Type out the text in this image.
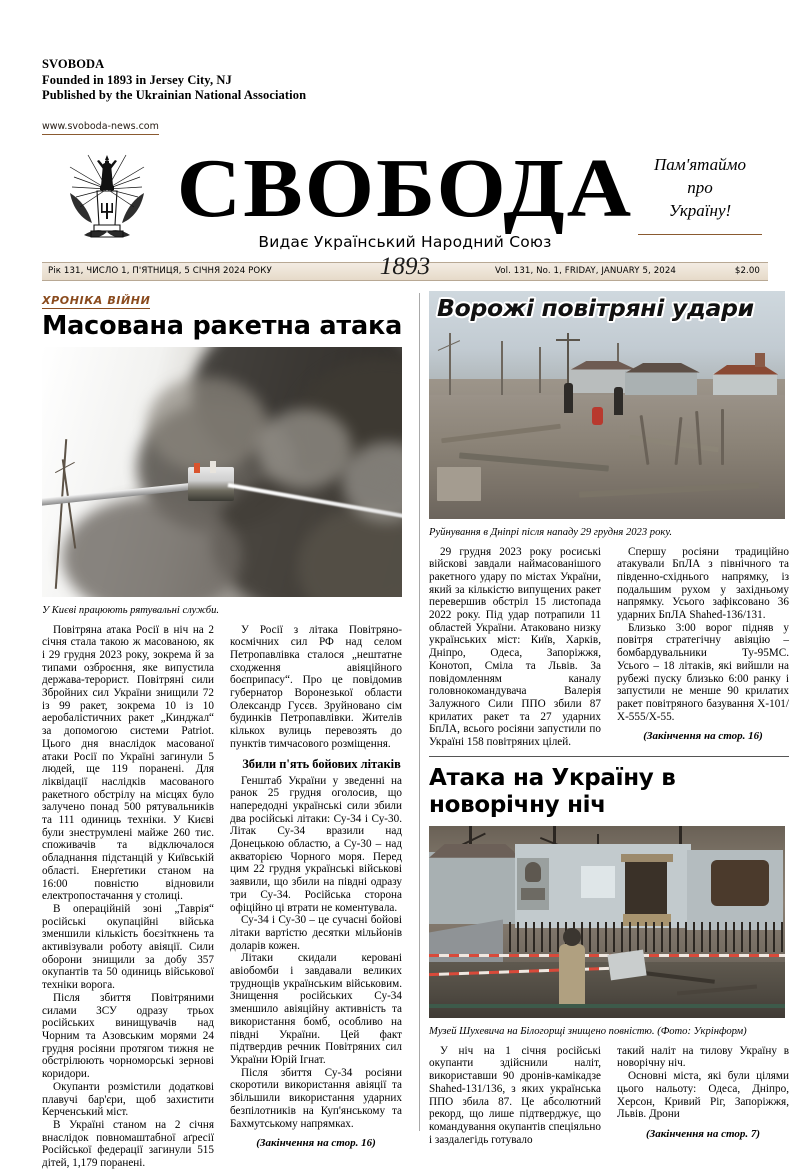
SVOBODA
Founded in 1893 in Jersey City, NJ
Published by the Ukrainian National Association
www.svoboda-news.com
СВОБОДА
Видає Український Народний Союз
Пам'ятаймо
про
Україну!
Рік 131, ЧИСЛО 1, П'ЯТНИЦЯ, 5 СІЧНЯ 2024 РОКУ	Vol. 131, No. 1, FRIDAY, JANUARY 5, 2024	$2.00
1893
ХРОНІКА ВІЙНИ
Масована ракетна атака
У Києві працюють рятувальні служби.

Повітряна атака Росії в ніч на 2 січня стала такою ж масованою, як і 29 грудня 2023 року, зокрема й за типами озброєння, яке випустила держава-терорист. Повітряні сили Збройних сил України знищили 72 із 99 ракет, зокрема 10 із 10 аеробалістичних ракет „Кинджал“ за допомогою системи Patriot. Цього дня внаслідок масованої атаки Росії по Україні загинули 5 людей, ще 119 поранені. Для ліквідації наслідків масованого ракетного обстрілу на місцях було залучено понад 500 рятувальників та 111 одиниць техніки. У Києві були знеструмлені майже 260 тис. споживачів та відключалося обладнання підстанцій у Київській області. Енерґетики станом на 16:00 повністю відновили електропостачання у столиці.

В операційній зоні „Таврія“ російські окупаційні війська зменшили кількість боєзіткнень та активізували роботу авіяції. Сили оборони знищили за добу 357 окупантів та 50 одиниць військової техніки ворога.

Після збиття Повітряними силами ЗСУ одразу трьох російських винищувачів над Чорним та Азовським морями 24 грудня росіяни протягом тижня не обстрілюють чорноморські зернові коридори.

Окупанти розмістили додаткові плавучі бар'єри, щоб захистити Керченський міст.

В Україні станом на 2 січня внаслідок повномаштабної аґресії Російської федерації загинули 515 дітей, 1,179 поранені.

У Росії з літака Повітряно-космічних сил РФ над селом Петропавлівка сталося „нештатне сходження авіяційного боєприпасу“. Про це повідомив губернатор Воронезької области Олександр Гусєв. Зруйновано сім будинків Петропавлівки. Жителів кількох вулиць перевозять до пунктів тимчасового розміщення.

Збили п'ять бойових літаків

Генштаб України у зведенні на ранок 25 грудня оголосив, що напередодні українські сили збили два російські літаки: Су-34 і Су-30. Літак Су-34 вразили над Донецькою областю, а Су-30 – над акваторією Чорного моря. Перед цим 22 грудня українські військові заявили, що збили на півдні одразу три Су-34. Російська сторона офіційно ці втрати не коментувала.

Су-34 і Су-30 – це сучасні бойові літаки вартістю десятки мільйонів доларів кожен.

Літаки скидали керовані авіобомби і завдавали великих труднощів українським військовим. Знищення російських Су-34 зменшило авіяційну активність та використання бомб, особливо на півдні України. Цей факт підтвердив речник Повітряних сил України Юрій Ігнат.

Після збиття Су-34 росіяни скоротили використання авіяції та збільшили використання ударних безпілотників на Куп'янському та Бахмутському напрямках.

(Закінчення на стор. 16)

Ворожі повітряні удари
Руйнування в Дніпрі після нападу 29 грудня 2023 року.

29 грудня 2023 року росиські війскові завдали наймасованішого ракетного удару по містах України, який за кількістю випущених ракет перевершив обстріл 15 листопада 2022 року. Під удар потрапили 11 областей України. Атаковано низку українських міст: Київ, Харків, Дніпро, Одеса, Запоріжжя, Конотоп, Сміла та Львів. За повідомленням каналу головнокомандувача Валерія Залужного Сили ППО збили 87 крилатих ракет та 27 ударних БпЛА, всього росіяни запустили по Україні 158 повітряних цілей.

Спершу росіяни традиційно атакували БпЛА з північного та південно-східнього напрямку, із подальшим рухом у західньому напрямку. Усього зафіксовано 36 ударних БпЛА Shahed-136/131.

Близько 3:00 ворог підняв у повітря стратегічну авіяцію – бомбардувальники Ту-95МС. Усього – 18 літаків, які вийшли на рубежі пуску близько 6:00 ранку і запустили не менше 90 крилатих ракет повітряного базування Х-101/Х-555/Х-55.

(Закінчення на стор. 16)

Атака на Україну в новорічну ніч
Музей Шухевича на Білогорщі знищено повністю. (Фото: Укрінформ)

У ніч на 1 січня російські окупанти здійснили наліт, використавши 90 дронів-камікадзе Shahed-131/136, з яких українська ППО збила 87. Це абсолютний рекорд, що лише підтверджує, що командування окупантів спеціяльно і заздалегідь готувало

такий наліт на тилову Україну в новорічну ніч.

Основні міста, які були цілями цього нальоту: Одеса, Дніпро, Херсон, Кривий Ріг, Запоріжжя, Львів. Дрони

(Закінчення на стор. 7)
